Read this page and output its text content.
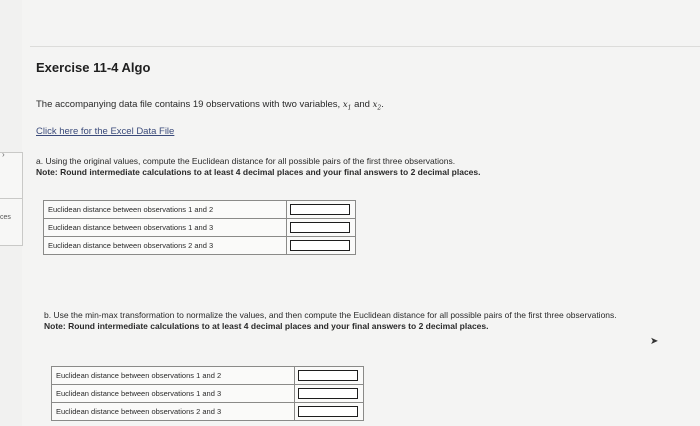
›
ces
Exercise 11-4 Algo
The accompanying data file contains 19 observations with two variables, $x_1$ and $x_2$.
Click here for the Excel Data File
a. Using the original values, compute the Euclidean distance for all possible pairs of the first three observations.
Note: Round intermediate calculations to at least 4 decimal places and your final answers to 2 decimal places.
Euclidean distance between observations 1 and 2	

Euclidean distance between observations 1 and 3	

Euclidean distance between observations 2 and 3	
b. Use the min-max transformation to normalize the values, and then compute the Euclidean distance for all possible pairs of the first three observations.
Note: Round intermediate calculations to at least 4 decimal places and your final answers to 2 decimal places.
➤
Euclidean distance between observations 1 and 2	

Euclidean distance between observations 1 and 3	

Euclidean distance between observations 2 and 3	
